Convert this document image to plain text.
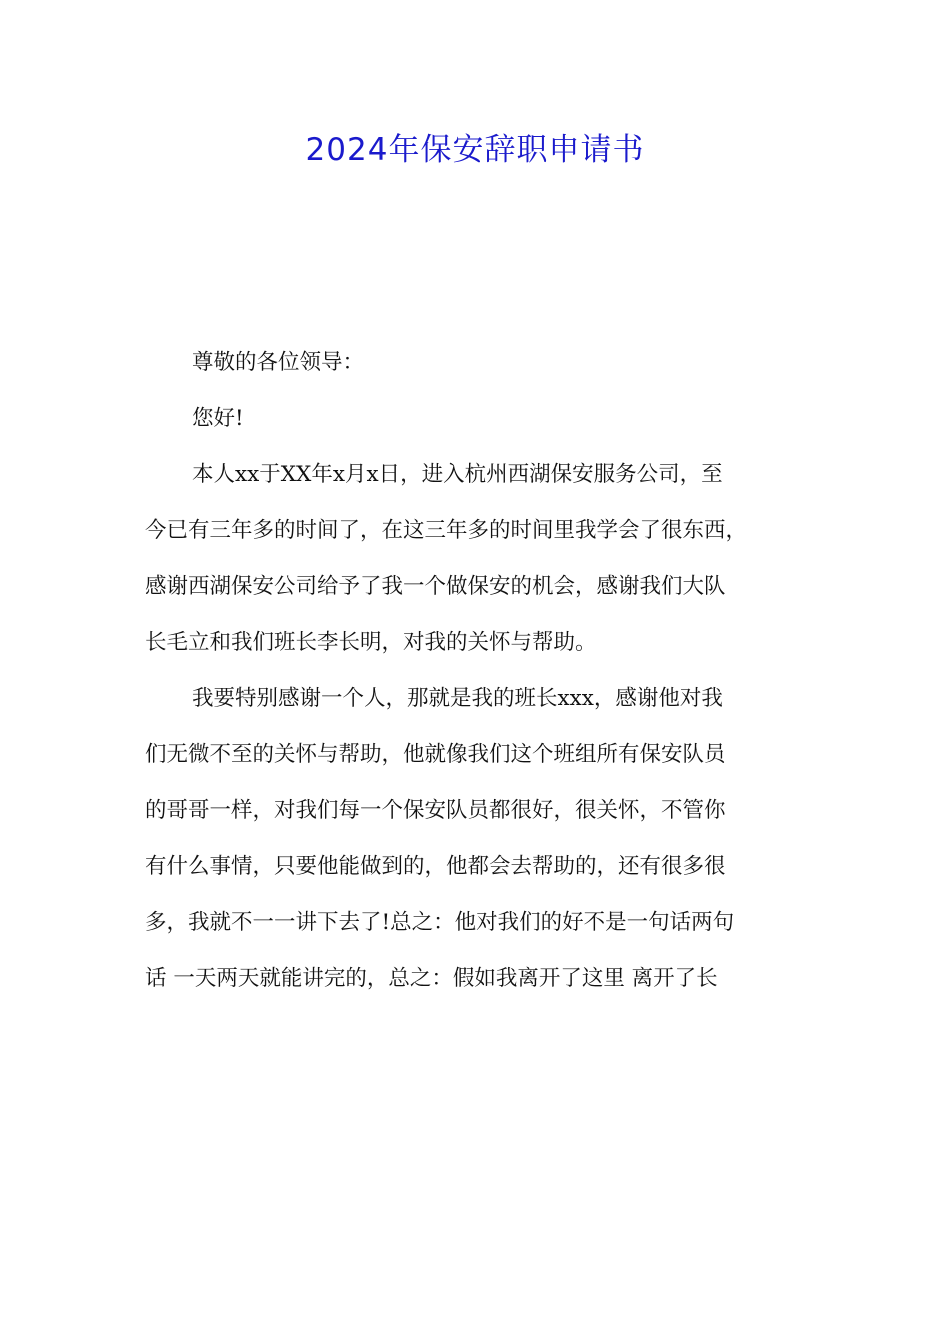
2024年保安辞职申请书
尊敬的各位领导：
您好!
本人xx于XX年x月x日，进入杭州西湖保安服务公司，至
今已有三年多的时间了，在这三年多的时间里我学会了很东西，
感谢西湖保安公司给予了我一个做保安的机会，感谢我们大队
长毛立和我们班长李长明，对我的关怀与帮助。
我要特别感谢一个人，那就是我的班长xxx，感谢他对我
们无微不至的关怀与帮助，他就像我们这个班组所有保安队员
的哥哥一样，对我们每一个保安队员都很好，很关怀，不管你
有什么事情，只要他能做到的，他都会去帮助的，还有很多很
多，我就不一一讲下去了!总之：他对我们的好不是一句话两句
话 一天两天就能讲完的，总之：假如我离开了这里 离开了长
